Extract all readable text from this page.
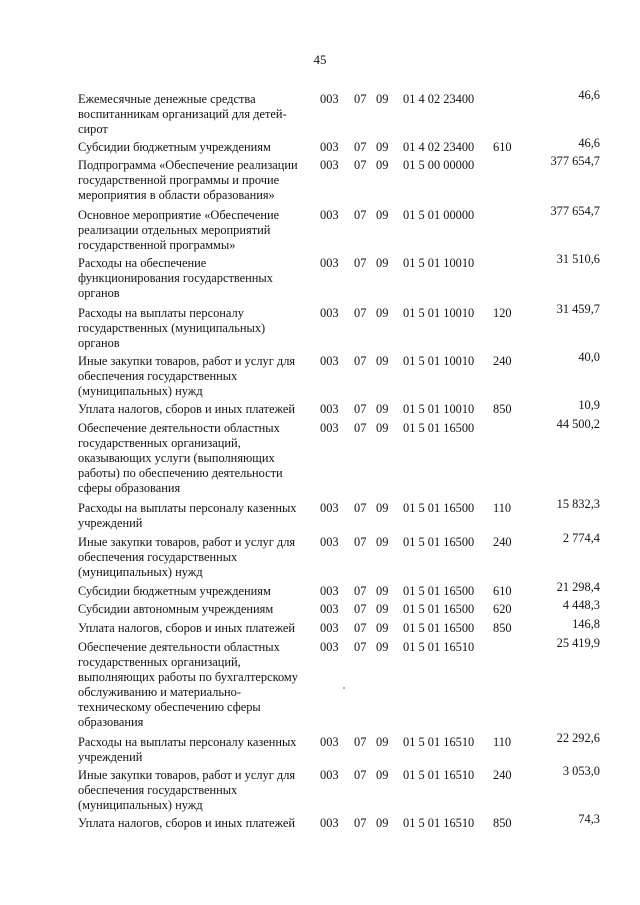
45
Ежемесячные денежные средства
воспитанникам организаций для детей-
сирот
003	07 09	01 4 02 23400	46,6
Субсидии бюджетным учреждениям	003	07 09	01 4 02 23400	610	46,6
Подпрограмма «Обеспечение реализации
государственной программы и прочие
мероприятия в области образования»
003	07 09	01 5 00 00000	377 654,7
Основное мероприятие «Обеспечение
реализации отдельных мероприятий
государственной программы»
003	07 09	01 5 01 00000	377 654,7
Расходы на обеспечение
функционирования государственных
органов
003	07 09	01 5 01 10010	31 510,6
Расходы на выплаты персоналу
государственных (муниципальных)
органов
003	07 09	01 5 01 10010	120	31 459,7
Иные закупки товаров, работ и услуг для
обеспечения государственных
(муниципальных) нужд
003	07 09	01 5 01 10010	240	40,0
Уплата налогов, сборов и иных платежей	003	07 09	01 5 01 10010	850	10,9
Обеспечение деятельности областных
государственных организаций,
оказывающих услуги (выполняющих
работы) по обеспечению деятельности
сферы образования
003	07 09	01 5 01 16500	44 500,2
Расходы на выплаты персоналу казенных
учреждений
003	07 09	01 5 01 16500	110	15 832,3
Иные закупки товаров, работ и услуг для
обеспечения государственных
(муниципальных) нужд
003	07 09	01 5 01 16500	240	2 774,4
Субсидии бюджетным учреждениям	003	07 09	01 5 01 16500	610	21 298,4
Субсидии автономным учреждениям	003	07 09	01 5 01 16500	620	4 448,3
Уплата налогов, сборов и иных платежей	003	07 09	01 5 01 16500	850	146,8
Обеспечение деятельности областных
государственных организаций,
выполняющих работы по бухгалтерскому
обслуживанию и материально-
техническому обеспечению сферы
образования
003	07 09	01 5 01 16510	25 419,9
Расходы на выплаты персоналу казенных
учреждений
003	07 09	01 5 01 16510	110	22 292,6
Иные закупки товаров, работ и услуг для
обеспечения государственных
(муниципальных) нужд
003	07 09	01 5 01 16510	240	3 053,0
Уплата налогов, сборов и иных платежей	003	07 09	01 5 01 16510	850	74,3
